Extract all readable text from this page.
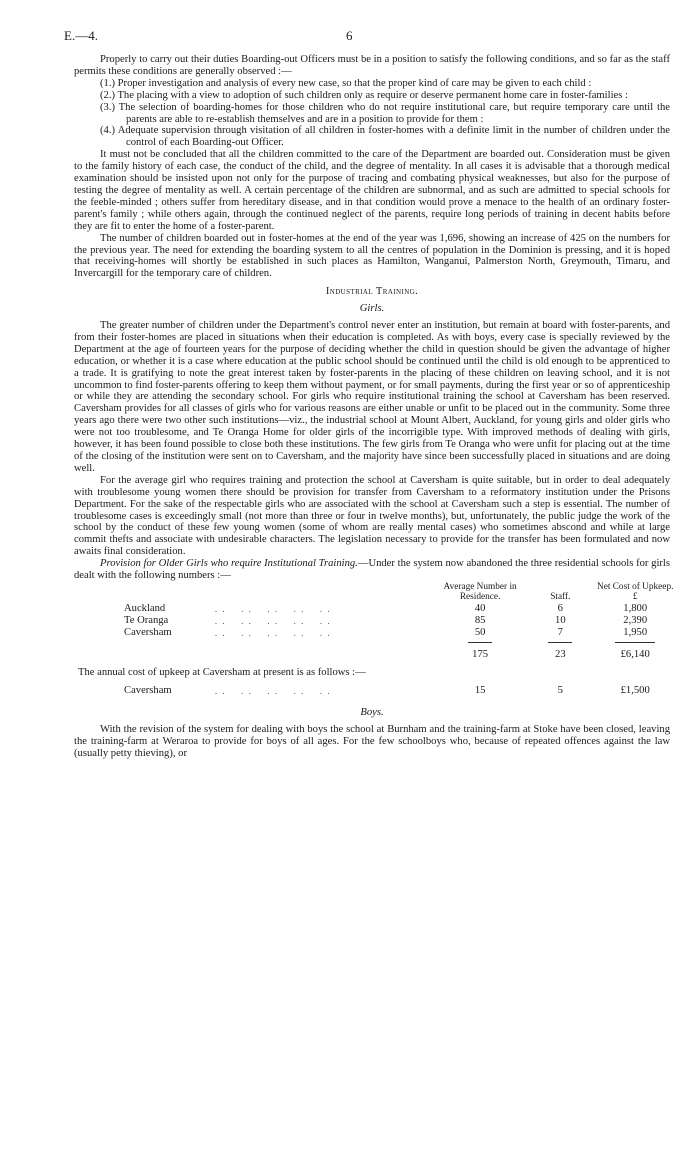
E.—4.	6

Properly to carry out their duties Boarding-out Officers must be in a position to satisfy the following conditions, and so far as the staff permits these conditions are generally observed :—

(1.) Proper investigation and analysis of every new case, so that the proper kind of care may be given to each child :
(2.) The placing with a view to adoption of such children only as require or deserve permanent home care in foster-families :
(3.) The selection of boarding-homes for those children who do not require institutional care, but require temporary care until the parents are able to re-establish themselves and are in a position to provide for them :
(4.) Adequate supervision through visitation of all children in foster-homes with a definite limit in the number of children under the control of each Boarding-out Officer.

It must not be concluded that all the children committed to the care of the Department are boarded out. Consideration must be given to the family history of each case, the conduct of the child, and the degree of mentality. In all cases it is advisable that a thorough medical examination should be insisted upon not only for the purpose of tracing and combating physical weaknesses, but also for the purpose of testing the degree of mentality as well. A certain percentage of the children are subnormal, and as such are admitted to special schools for the feeble-minded ; others suffer from hereditary disease, and in that condition would prove a menace to the health of an ordinary foster-parent's family ; while others again, through the continued neglect of the parents, require long periods of training in decent habits before they are fit to enter the home of a foster-parent.

The number of children boarded out in foster-homes at the end of the year was 1,696, showing an increase of 425 on the numbers for the previous year. The need for extending the boarding system to all the centres of population in the Dominion is pressing, and it is hoped that receiving-homes will shortly be established in such places as Hamilton, Wanganui, Palmerston North, Greymouth, Timaru, and Invercargill for the temporary care of children.

Industrial Training.
Girls.

The greater number of children under the Department's control never enter an institution, but remain at board with foster-parents, and from their foster-homes are placed in situations when their education is completed. As with boys, every case is specially reviewed by the Department at the age of fourteen years for the purpose of deciding whether the child in question should be given the advantage of higher education, or whether it is a case where education at the public school should be continued until the child is old enough to be apprenticed to a trade. It is gratifying to note the great interest taken by foster-parents in the placing of these children on leaving school, and it is not uncommon to find foster-parents offering to keep them without payment, or for small payments, during the first year or so of apprenticeship or while they are attending the secondary school. For girls who require institutional training the school at Caversham has been reserved. Caversham provides for all classes of girls who for various reasons are either unable or unfit to be placed out in the community. Some three years ago there were two other such institutions—viz., the industrial school at Mount Albert, Auckland, for young girls and older girls who were not too troublesome, and Te Oranga Home for older girls of the incorrigible type. With improved methods of dealing with girls, however, it has been found possible to close both these institutions. The few girls from Te Oranga who were unfit for placing out at the time of the closing of the institution were sent on to Caversham, and the majority have since been successfully placed in situations and are doing well.

For the average girl who requires training and protection the school at Caversham is quite suitable, but in order to deal adequately with troublesome young women there should be provision for transfer from Caversham to a reformatory institution under the Prisons Department. For the sake of the respectable girls who are associated with the school at Caversham such a step is essential. The number of troublesome cases is exceedingly small (not more than three or four in twelve months), but, unfortunately, the public judge the work of the school by the conduct of these few young women (some of whom are really mental cases) who sometimes abscond and while at large commit thefts and associate with undesirable characters. The legislation necessary to provide for the transfer has been formulated and now awaits final consideration.

Provision for Older Girls who require Institutional Training.—Under the system now abandoned the three residential schools for girls dealt with the following numbers :—

		Average Number in Residence.	Staff.	Net Cost of Upkeep.
£
Auckland	. .    . .    . .    . .    . .	40	6	1,800
Te Oranga	. .    . .    . .    . .    . .	85	10	2,390
Caversham	. .    . .    . .    . .    . .	50	7	1,950

		175	23	£6,140
The annual cost of upkeep at Caversham at present is as follows :—				
Caversham	. .    . .    . .    . .    . .	15	5	£1,500
Boys.

With the revision of the system for dealing with boys the school at Burnham and the training-farm at Stoke have been closed, leaving the training-farm at Weraroa to provide for boys of all ages. For the few schoolboys who, because of repeated offences against the law (usually petty thieving), or
